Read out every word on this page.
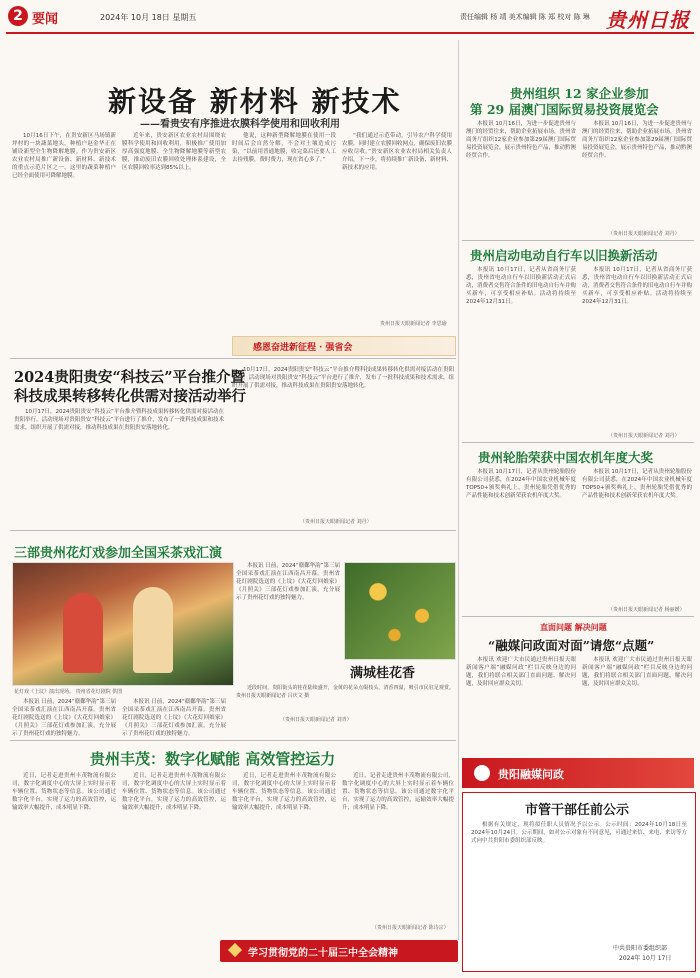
2 要闻	2024年 10月 18日 星期五	责任编辑 杨 靖 美术编辑 陈 郑 校对 陈 琳 贵州日报
新设备 新材料 新技术
——看贵安有序推进农膜科学使用和回收利用

10月16日下午，在贵安新区马场镇新坪村的一块蔬菜地头，种植户赵金华正在铺设新型全生物降解地膜。作为贵安新区农业农村局推广新设备、新材料、新技术的重点示范片区之一，这里的蔬菜种植户已经全面使用可降解地膜。

近年来，贵安新区农业农村局围绕农膜科学使用和回收利用，积极推广使用加厚高强度地膜、全生物降解地膜等新型农膜，推动废旧农膜回收处理体系建设，全区农膜回收率达到85%以上。

他说，这种新型降解地膜在使用一段时间后会自然分解，不会对土壤造成污染，“以前用普通地膜，收完菜后还要人工去捡残膜，费时费力，现在省心多了。”

“我们通过示范带动，引导农户科学使用农膜，同时建立农膜回收网点，确保废旧农膜应收尽收。”贵安新区农业农村局相关负责人介绍，下一步，将持续推广新设备、新材料、新技术的应用。

贵州日报天眼新闻记者 李思瑜
感恩奋进新征程 · 强省会
2024贵阳贵安“科技云”平台推介暨
科技成果转移转化供需对接活动举行

10月17日，2024贵阳贵安“科技云”平台推介暨科技成果转移转化供需对接活动在贵阳举行。活动现场对贵阳贵安“科技云”平台进行了推介，发布了一批科技成果和技术需求，组织开展了供需对接，推动科技成果在贵阳贵安落地转化。

10月17日，2024贵阳贵安“科技云”平台推介暨科技成果转移转化供需对接活动在贵阳举行。活动现场对贵阳贵安“科技云”平台进行了推介，发布了一批科技成果和技术需求，组织开展了供需对接，推动科技成果在贵阳贵安落地转化。

（贵州日报天眼新闻记者 刘丹）
三部贵州花灯戏参加全国采茶戏汇演
花灯戏《上坟》演出现场。 贵州省花灯剧院 供图

本报讯 日前，2024“赣鄱华韵”第三届全国采茶戏汇演在江西南昌开幕。贵州省花灯剧院选送的《上坟》《大花灯回娘家》《月照关》三部花灯戏参加汇演，充分展示了贵州花灯戏的独特魅力。

本报讯 日前，2024“赣鄱华韵”第三届全国采茶戏汇演在江西南昌开幕。贵州省花灯剧院选送的《上坟》《大花灯回娘家》《月照关》三部花灯戏参加汇演，充分展示了贵州花灯戏的独特魅力。

本报讯 日前，2024“赣鄱华韵”第三届全国采茶戏汇演在江西南昌开幕。贵州省花灯剧院选送的《上坟》《大花灯回娘家》《月照关》三部花灯戏参加汇演，充分展示了贵州花灯戏的独特魅力。

（贵州日报天眼新闻记者 刘青）
满城桂花香

近段时间，贵阳街头的桂花陆续盛开，金黄的花朵点缀枝头，清香四溢，吸引市民驻足观赏。 贵州日报天眼新闻记者 吕庆文 摄

贵州丰茂：数字化赋能 高效管控运力

近日，记者走进贵州丰茂物流有限公司，数字化调度中心的大屏上实时显示着车辆位置、货物状态等信息。该公司通过数字化平台，实现了运力的高效管控，运输效率大幅提升，成本明显下降。

近日，记者走进贵州丰茂物流有限公司，数字化调度中心的大屏上实时显示着车辆位置、货物状态等信息。该公司通过数字化平台，实现了运力的高效管控，运输效率大幅提升，成本明显下降。

近日，记者走进贵州丰茂物流有限公司，数字化调度中心的大屏上实时显示着车辆位置、货物状态等信息。该公司通过数字化平台，实现了运力的高效管控，运输效率大幅提升，成本明显下降。

近日，记者走进贵州丰茂物流有限公司，数字化调度中心的大屏上实时显示着车辆位置、货物状态等信息。该公司通过数字化平台，实现了运力的高效管控，运输效率大幅提升，成本明显下降。

（贵州日报天眼新闻记者 陈诗宗）
学习贯彻党的二十届三中全会精神
贵州组织 12 家企业参加
第 29 届澳门国际贸易投资展览会

本报讯 10月16日，为进一步促进贵州与澳门的经贸往来，帮助企业拓展市场，贵州省商务厅组织12家企业参加第29届澳门国际贸易投资展览会，展示贵州特色产品，推动黔澳经贸合作。

本报讯 10月16日，为进一步促进贵州与澳门的经贸往来，帮助企业拓展市场，贵州省商务厅组织12家企业参加第29届澳门国际贸易投资展览会，展示贵州特色产品，推动黔澳经贸合作。

（贵州日报天眼新闻记者 刘丹）
贵州启动电动自行车以旧换新活动

本报讯 10月17日，记者从省商务厅获悉，贵州省电动自行车以旧换新活动正式启动，消费者交售符合条件的旧电动自行车并购买新车，可享受相应补贴。活动将持续至2024年12月31日。

本报讯 10月17日，记者从省商务厅获悉，贵州省电动自行车以旧换新活动正式启动，消费者交售符合条件的旧电动自行车并购买新车，可享受相应补贴。活动将持续至2024年12月31日。

（贵州日报天眼新闻记者 刘丹）
贵州轮胎荣获中国农机年度大奖

本报讯 10月17日，记者从贵州轮胎股份有限公司获悉，在2024年中国农业机械年度TOP50+颁奖典礼上，贵州轮胎凭借优秀的产品性能和技术创新荣获农机年度大奖。

本报讯 10月17日，记者从贵州轮胎股份有限公司获悉，在2024年中国农业机械年度TOP50+颁奖典礼上，贵州轮胎凭借优秀的产品性能和技术创新荣获农机年度大奖。

（贵州日报天眼新闻记者 杨丽媛）
直面问题 解决问题
“融媒问政面对面”请您“点题”

本报讯 欢迎广大市民通过贵州日报天眼新闻客户端“融媒问政”栏目反映身边的问题，我们将联合相关部门直面问题、解决问题，及时回应群众关切。

本报讯 欢迎广大市民通过贵州日报天眼新闻客户端“融媒问政”栏目反映身边的问题，我们将联合相关部门直面问题、解决问题，及时回应群众关切。

贵阳融媒问政
市管干部任前公示

根据有关规定，现将拟任职人员情况予以公示。公示时间：2024年10月18日至2024年10月24日。公示期间，如对公示对象有不同意见，可通过来信、来电、来访等方式向中共贵阳市委组织部反映。

中共贵阳市委组织部
2024年 10月 17日
